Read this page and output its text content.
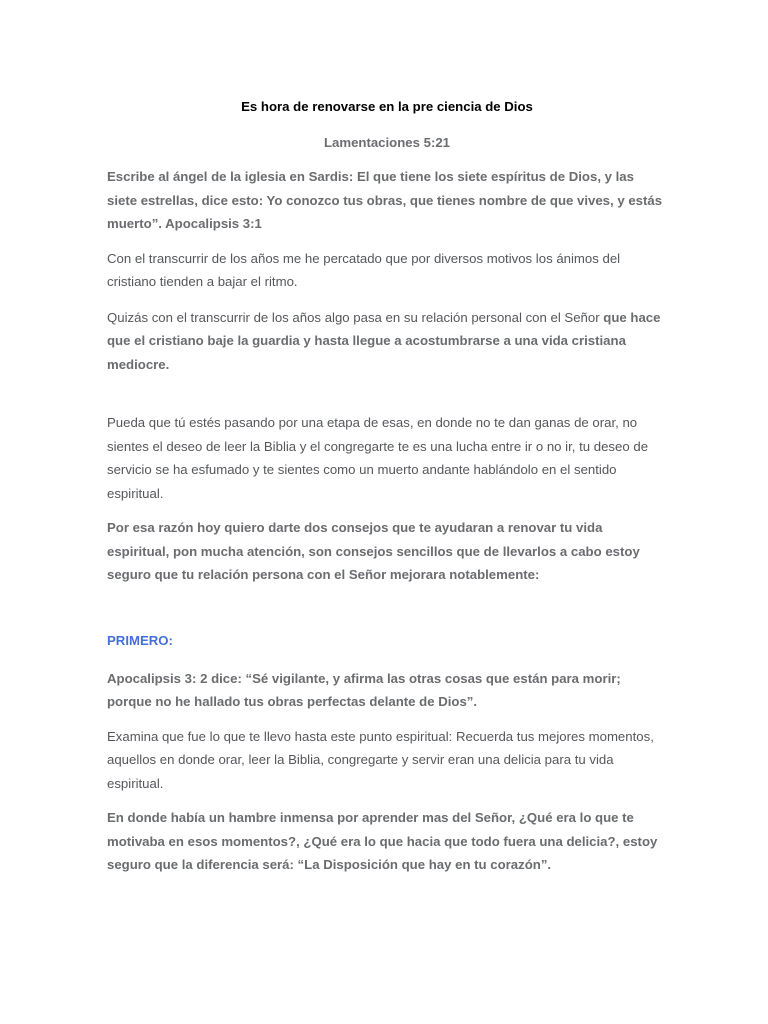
Es hora de renovarse en la pre ciencia de Dios

Lamentaciones 5:21

Escribe al ángel de la iglesia en Sardis: El que tiene los siete espíritus de Dios, y las siete estrellas, dice esto: Yo conozco tus obras, que tienes nombre de que vives, y estás muerto”. Apocalipsis 3:1

Con el transcurrir de los años me he percatado que por diversos motivos los ánimos del cristiano tienden a bajar el ritmo.

Quizás con el transcurrir de los años algo pasa en su relación personal con el Señor que hace que el cristiano baje la guardia y hasta llegue a acostumbrarse a una vida cristiana mediocre.

Pueda que tú estés pasando por una etapa de esas, en donde no te dan ganas de orar, no sientes el deseo de leer la Biblia y el congregarte te es una lucha entre ir o no ir, tu deseo de servicio se ha esfumado y te sientes como un muerto andante hablándolo en el sentido espiritual.

Por esa razón hoy quiero darte dos consejos que te ayudaran a renovar tu vida espiritual, pon mucha atención, son consejos sencillos que de llevarlos a cabo estoy seguro que tu relación persona con el Señor mejorara notablemente:

PRIMERO:

Apocalipsis 3: 2 dice: “Sé vigilante, y afirma las otras cosas que están para morir; porque no he hallado tus obras perfectas delante de Dios”.

Examina que fue lo que te llevo hasta este punto espiritual: Recuerda tus mejores momentos, aquellos en donde orar, leer la Biblia, congregarte y servir eran una delicia para tu vida espiritual.

En donde había un hambre inmensa por aprender mas del Señor, ¿Qué era lo que te motivaba en esos momentos?, ¿Qué era lo que hacia que todo fuera una delicia?, estoy seguro que la diferencia será: “La Disposición que hay en tu corazón”.
